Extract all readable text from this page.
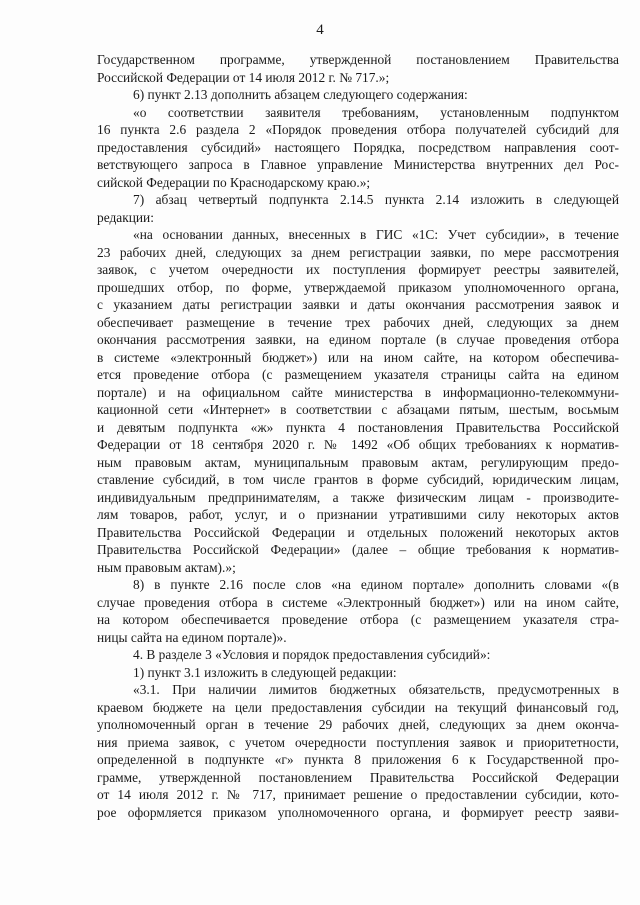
4
Государственном программе, утвержденной постановлением Правительства
Российской Федерации от 14 июля 2012 г. № 717.»;
6) пункт 2.13 дополнить абзацем следующего содержания:
«о соответствии заявителя требованиям, установленным подпунктом
16 пункта 2.6 раздела 2 «Порядок проведения отбора получателей субсидий для
предоставления субсидий» настоящего Порядка, посредством направления соот-
ветствующего запроса в Главное управление Министерства внутренних дел Рос-
сийской Федерации по Краснодарскому краю.»;
7) абзац четвертый подпункта 2.14.5 пункта 2.14 изложить в следующей
редакции:
«на основании данных, внесенных в ГИС «1С: Учет субсидии», в течение
23 рабочих дней, следующих за днем регистрации заявки, по мере рассмотрения
заявок, с учетом очередности их поступления формирует реестры заявителей,
прошедших отбор, по форме, утверждаемой приказом уполномоченного органа,
с указанием даты регистрации заявки и даты окончания рассмотрения заявок и
обеспечивает размещение в течение трех рабочих дней, следующих за днем
окончания рассмотрения заявки, на едином портале (в случае проведения отбора
в системе «электронный бюджет») или на ином сайте, на котором обеспечива-
ется проведение отбора (с размещением указателя страницы сайта на едином
портале) и на официальном сайте министерства в информационно-телекоммуни-
кационной сети «Интернет» в соответствии с абзацами пятым, шестым, восьмым
и девятым подпункта «ж» пункта 4 постановления Правительства Российской
Федерации от 18 сентября 2020 г. № 1492 «Об общих требованиях к норматив-
ным правовым актам, муниципальным правовым актам, регулирующим предо-
ставление субсидий, в том числе грантов в форме субсидий, юридическим лицам,
индивидуальным предпринимателям, а также физическим лицам - производите-
лям товаров, работ, услуг, и о признании утратившими силу некоторых актов
Правительства Российской Федерации и отдельных положений некоторых актов
Правительства Российской Федерации» (далее – общие требования к норматив-
ным правовым актам).»;
8) в пункте 2.16 после слов «на едином портале» дополнить словами «(в
случае проведения отбора в системе «Электронный бюджет») или на ином сайте,
на котором обеспечивается проведение отбора (с размещением указателя стра-
ницы сайта на едином портале)».
4. В разделе 3 «Условия и порядок предоставления субсидий»:
1) пункт 3.1 изложить в следующей редакции:
«3.1. При наличии лимитов бюджетных обязательств, предусмотренных в
краевом бюджете на цели предоставления субсидии на текущий финансовый год,
уполномоченный орган в течение 29 рабочих дней, следующих за днем оконча-
ния приема заявок, с учетом очередности поступления заявок и приоритетности,
определенной в подпункте «г» пункта 8 приложения 6 к Государственной про-
грамме, утвержденной постановлением Правительства Российской Федерации
от 14 июля 2012 г. № 717, принимает решение о предоставлении субсидии, кото-
рое оформляется приказом уполномоченного органа, и формирует реестр заяви-
